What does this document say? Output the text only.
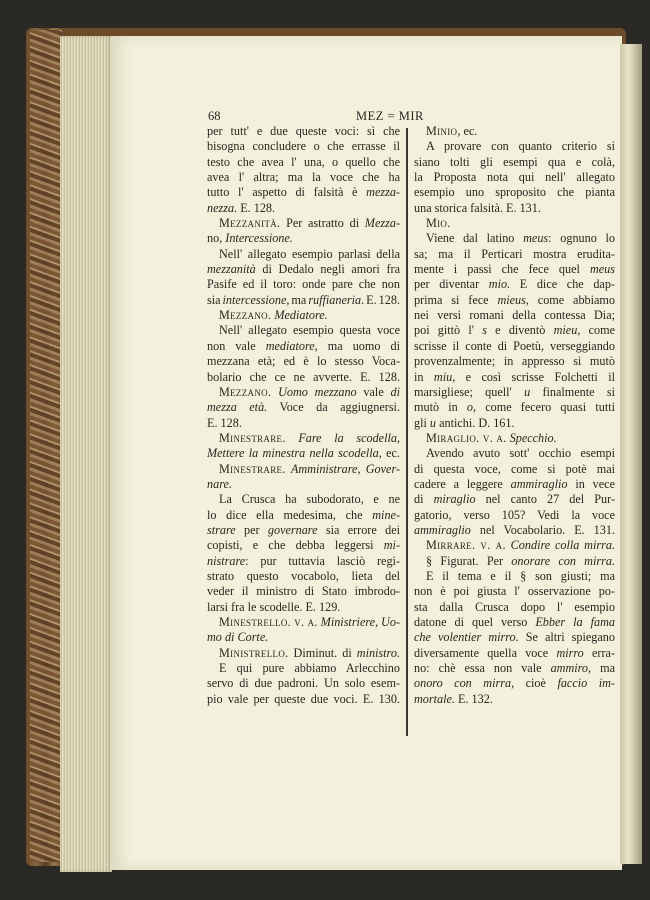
68	MEZ = MIR
per tutt' e due queste voci: sì che
bisogna concludere o che errasse il
testo che avea l' una, o quello che
avea l' altra; ma la voce che ha
tutto l' aspetto di falsità è mezza-
nezza. E. 128.
Mezzanità. Per astratto di Mezza-
no, Intercessione.
Nell' allegato esempio parlasi della
mezzanità di Dedalo negli amori fra
Pasife ed il toro: onde pare che non
sia intercessione, ma ruffianeria. E. 128.
Mezzano. Mediatore.
Nell' allegato esempio questa voce
non vale mediatore, ma uomo di
mezzana età; ed è lo stesso Voca-
bolario che ce ne avverte. E. 128.
Mezzano. Uomo mezzano vale di
mezza età. Voce da aggiugnersi.
E. 128.
Minestrare. Fare la scodella,
Mettere la minestra nella scodella, ec.
Minestrare. Amministrare, Gover-
nare.
La Crusca ha subodorato, e ne
lo dice ella medesima, che mine-
strare per governare sia errore dei
copisti, e che debba leggersi mi-
nistrare: pur tuttavia lasciò regi-
strato questo vocabolo, lieta del
veder il ministro di Stato imbrodo-
larsi fra le scodelle. E. 129.
Minestrello. v. a. Ministriere, Uo-
mo di Corte.
Ministrello. Diminut. di ministro.
E qui pure abbiamo Arlecchino
servo di due padroni. Un solo esem-
pio vale per queste due voci. E. 130.
Minio, ec.
A provare con quanto criterio si
siano tolti gli esempi qua e colà,
la Proposta nota qui nell' allegato
esempio uno sproposito che pianta
una storica falsità. E. 131.
Mio.
Viene dal latino meus: ognuno lo
sa; ma il Perticari mostra erudita-
mente i passi che fece quel meus
per diventar mio. E dice che dap-
prima si fece mieus, come abbiamo
nei versi romani della contessa Dia;
poi gittò l' s e diventò mieu, come
scrisse il conte di Poetù, verseggiando
provenzalmente; in appresso si mutò
in miu, e così scrisse Folchetti il
marsigliese; quell' u finalmente si
mutò in o, come fecero quasi tutti
gli u antichi. D. 161.
Miraglio. v. a. Specchio.
Avendo avuto sott' occhio esempi
di questa voce, come si potè mai
cadere a leggere ammiraglio in vece
di miraglio nel canto 27 del Pur-
gatorio, verso 105? Vedi la voce
ammiraglio nel Vocabolario. E. 131.
Mirrare. v. a. Condire colla mirra.
§ Figurat. Per onorare con mirra.
E il tema e il § son giusti; ma
non è poi giusta l' osservazione po-
sta dalla Crusca dopo l' esempio
datone di quel verso Ebber la fama
che volentier mirro. Se altri spiegano
diversamente quella voce mirro erra-
no: chè essa non vale ammiro, ma
onoro con mirra, cioè faccio im-
mortale. E. 132.
